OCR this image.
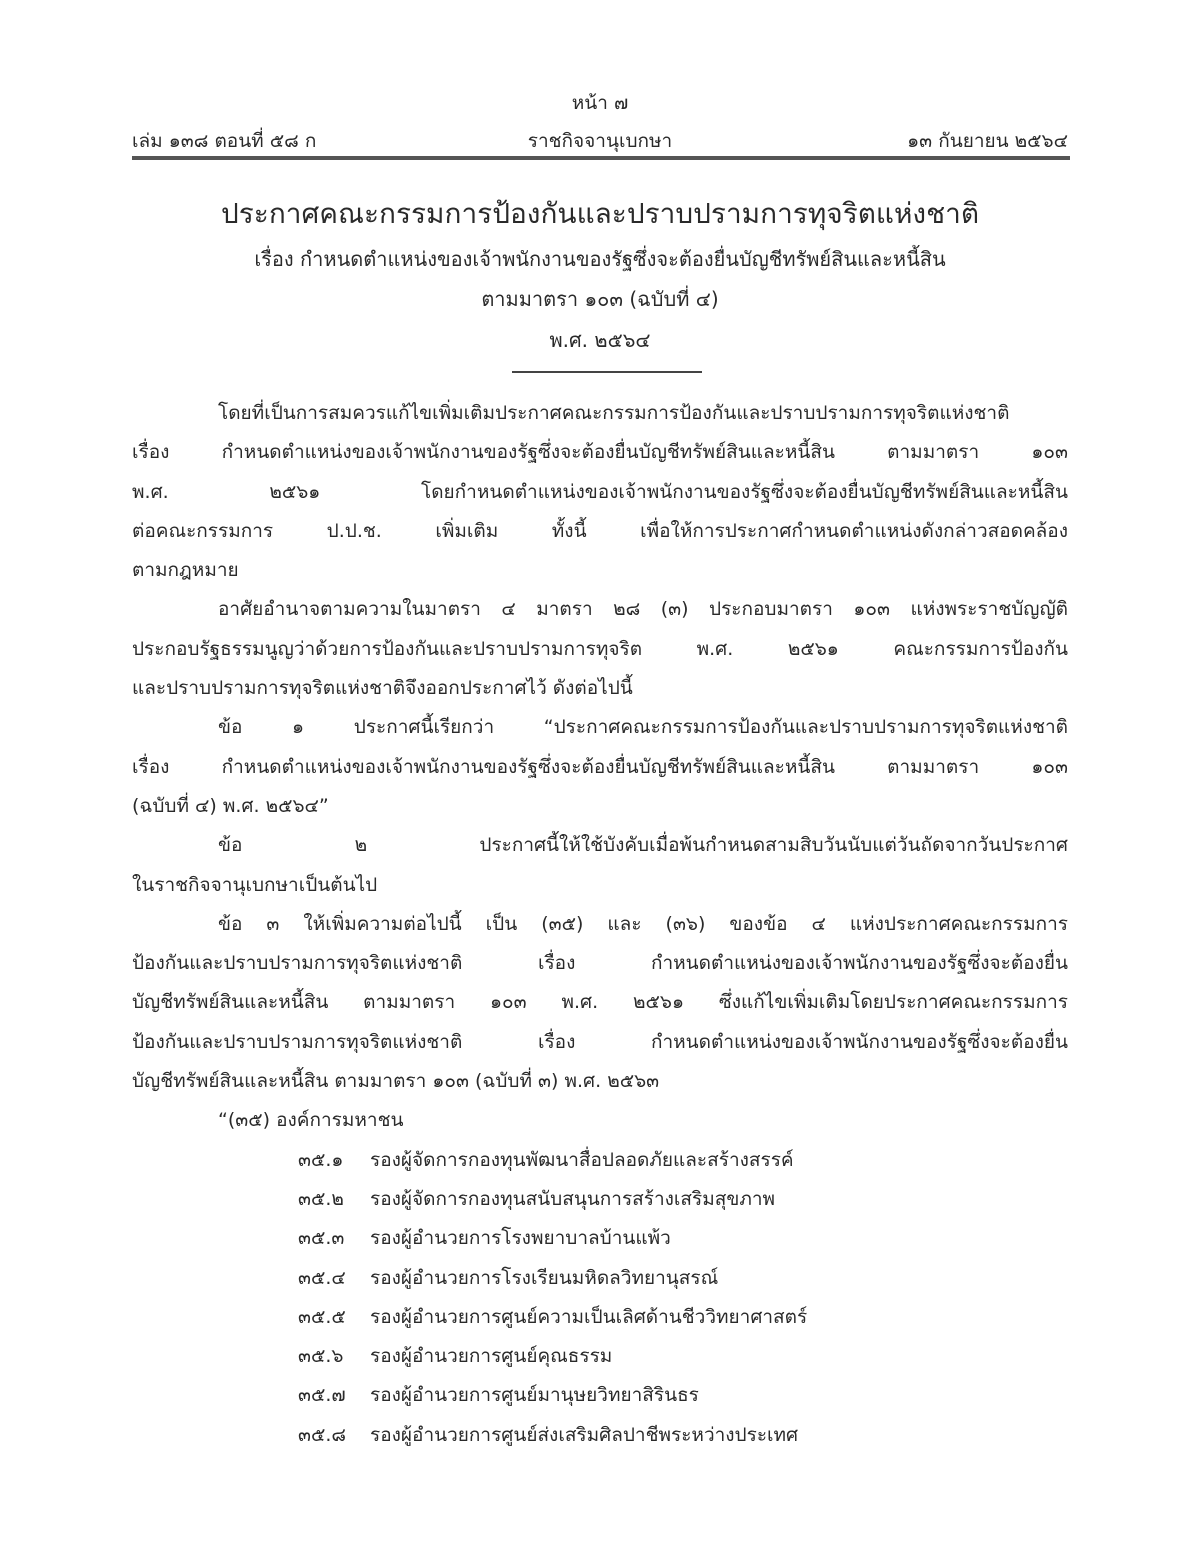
หน้า ๗
เล่ม ๑๓๘ ตอนที่ ๕๘ ก	ราชกิจจานุเบกษา	๑๓ กันยายน ๒๕๖๔
ประกาศคณะกรรมการป้องกันและปราบปรามการทุจริตแห่งชาติ
เรื่อง กำหนดตำแหน่งของเจ้าพนักงานของรัฐซึ่งจะต้องยื่นบัญชีทรัพย์สินและหนี้สิน
ตามมาตรา ๑๐๓ (ฉบับที่ ๔)
พ.ศ. ๒๕๖๔
โดยที่เป็นการสมควรแก้ไขเพิ่มเติมประกาศคณะกรรมการป้องกันและปราบปรามการทุจริตแห่งชาติ
เรื่อง กำหนดตำแหน่งของเจ้าพนักงานของรัฐซึ่งจะต้องยื่นบัญชีทรัพย์สินและหนี้สิน ตามมาตรา ๑๐๓
พ.ศ. ๒๕๖๑ โดยกำหนดตำแหน่งของเจ้าพนักงานของรัฐซึ่งจะต้องยื่นบัญชีทรัพย์สินและหนี้สิน
ต่อคณะกรรมการ ป.ป.ช. เพิ่มเติม ทั้งนี้ เพื่อให้การประกาศกำหนดตำแหน่งดังกล่าวสอดคล้อง
ตามกฎหมาย
อาศัยอำนาจตามความในมาตรา ๔ มาตรา ๒๘ (๓) ประกอบมาตรา ๑๐๓ แห่งพระราชบัญญัติ
ประกอบรัฐธรรมนูญว่าด้วยการป้องกันและปราบปรามการทุจริต พ.ศ. ๒๕๖๑ คณะกรรมการป้องกัน
และปราบปรามการทุจริตแห่งชาติจึงออกประกาศไว้ ดังต่อไปนี้
ข้อ ๑ ประกาศนี้เรียกว่า “ประกาศคณะกรรมการป้องกันและปราบปรามการทุจริตแห่งชาติ
เรื่อง กำหนดตำแหน่งของเจ้าพนักงานของรัฐซึ่งจะต้องยื่นบัญชีทรัพย์สินและหนี้สิน ตามมาตรา ๑๐๓
(ฉบับที่ ๔) พ.ศ. ๒๕๖๔”
ข้อ ๒ ประกาศนี้ให้ใช้บังคับเมื่อพ้นกำหนดสามสิบวันนับแต่วันถัดจากวันประกาศ
ในราชกิจจานุเบกษาเป็นต้นไป
ข้อ ๓ ให้เพิ่มความต่อไปนี้ เป็น (๓๕) และ (๓๖) ของข้อ ๔ แห่งประกาศคณะกรรมการ
ป้องกันและปราบปรามการทุจริตแห่งชาติ เรื่อง กำหนดตำแหน่งของเจ้าพนักงานของรัฐซึ่งจะต้องยื่น
บัญชีทรัพย์สินและหนี้สิน ตามมาตรา ๑๐๓ พ.ศ. ๒๕๖๑ ซึ่งแก้ไขเพิ่มเติมโดยประกาศคณะกรรมการ
ป้องกันและปราบปรามการทุจริตแห่งชาติ เรื่อง กำหนดตำแหน่งของเจ้าพนักงานของรัฐซึ่งจะต้องยื่น
บัญชีทรัพย์สินและหนี้สิน ตามมาตรา ๑๐๓ (ฉบับที่ ๓) พ.ศ. ๒๕๖๓
“(๓๕) องค์การมหาชน
๓๕.๑	รองผู้จัดการกองทุนพัฒนาสื่อปลอดภัยและสร้างสรรค์
๓๕.๒	รองผู้จัดการกองทุนสนับสนุนการสร้างเสริมสุขภาพ
๓๕.๓	รองผู้อำนวยการโรงพยาบาลบ้านแพ้ว
๓๕.๔	รองผู้อำนวยการโรงเรียนมหิดลวิทยานุสรณ์
๓๕.๕	รองผู้อำนวยการศูนย์ความเป็นเลิศด้านชีววิทยาศาสตร์
๓๕.๖	รองผู้อำนวยการศูนย์คุณธรรม
๓๕.๗	รองผู้อำนวยการศูนย์มานุษยวิทยาสิรินธร
๓๕.๘	รองผู้อำนวยการศูนย์ส่งเสริมศิลปาชีพระหว่างประเทศ
